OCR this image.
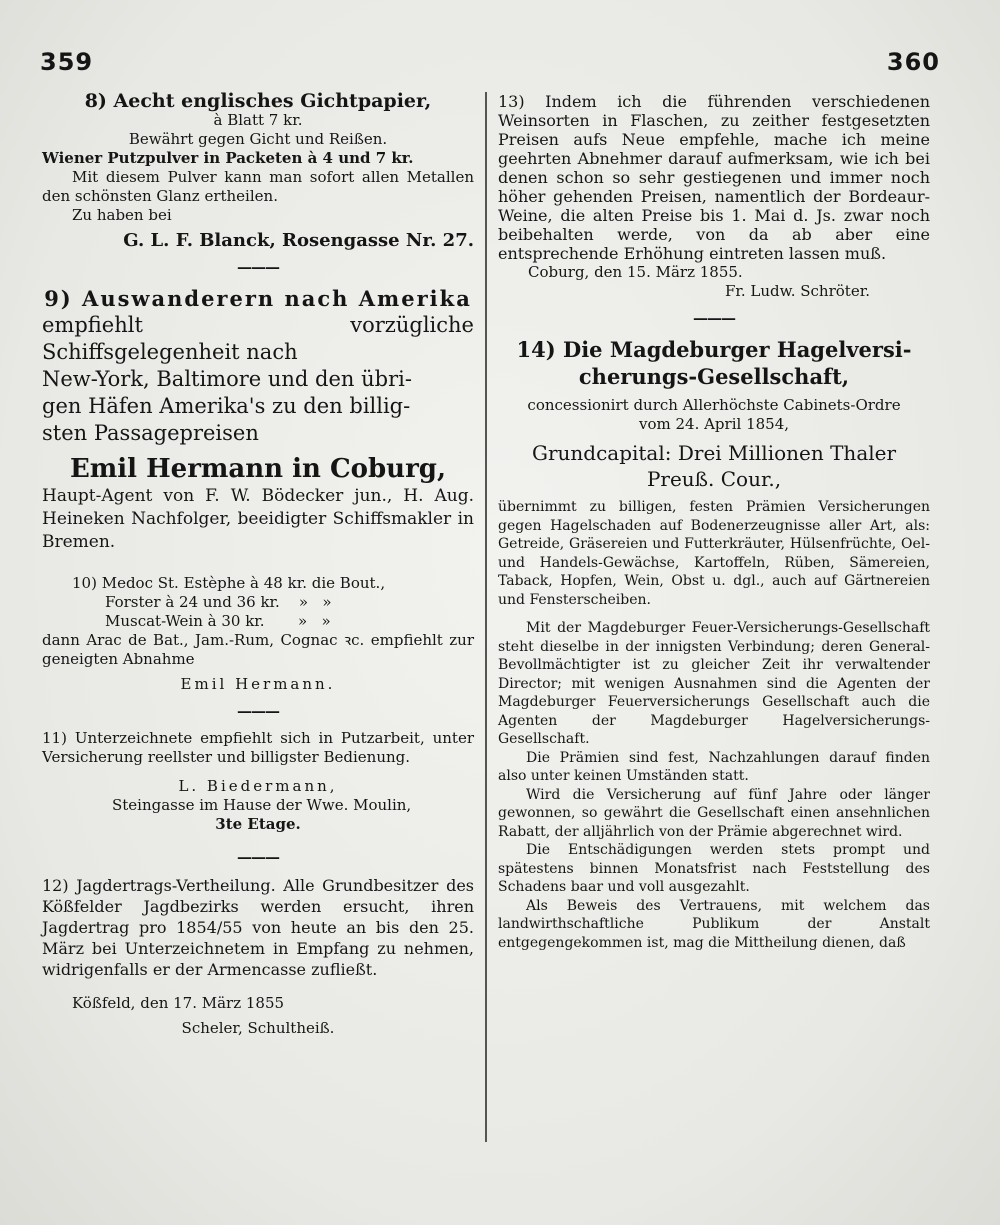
359	360

8) Aecht englisches Gichtpapier,

à Blatt 7 kr.

Bewährt gegen Gicht und Reißen.

Wiener Putzpulver in Packeten à 4 und 7 kr.

Mit diesem Pulver kann man sofort allen Metallen den schönsten Glanz ertheilen.

Zu haben bei

G. L. F. Blanck, Rosengasse Nr. 27.

———

9) Auswanderern nach Amerika

empfiehlt vorzügliche Schiffsgelegenheit nach

New-York, Baltimore und den übri-

gen Häfen Amerika's zu den billig-

sten Passagepreisen

Emil Hermann in Coburg,

Haupt-Agent von F. W. Bödecker jun., H. Aug. Heineken Nachfolger, beeidigter Schiffsmakler in Bremen.

10) Medoc St. Estèphe à 48 kr. die Bout.,

Forster à 24 und 36 kr.    »   »

Muscat-Wein à 30 kr.       »   »

dann Arac de Bat., Jam.-Rum, Cognac ꝛc. empfiehlt zur geneigten Abnahme

Emil Hermann.

———

11) Unterzeichnete empfiehlt sich in Putzarbeit, unter Versicherung reellster und billigster Bedienung.

L. Biedermann,

Steingasse im Hause der Wwe. Moulin,

3te Etage.

———

12) Jagdertrags-Vertheilung. Alle Grundbesitzer des Kößfelder Jagdbezirks werden ersucht, ihren Jagdertrag pro 1854/55 von heute an bis den 25. März bei Unterzeichnetem in Empfang zu nehmen, widrigenfalls er der Armencasse zufließt.

Kößfeld, den 17. März 1855

Scheler, Schultheiß.

13) Indem ich die führenden verschiedenen Weinsorten in Flaschen, zu zeither festgesetzten Preisen aufs Neue empfehle, mache ich meine geehrten Abnehmer darauf aufmerksam, wie ich bei denen schon so sehr gestiegenen und immer noch höher gehenden Preisen, namentlich der Bordeaur-Weine, die alten Preise bis 1. Mai d. Js. zwar noch beibehalten werde, von da ab aber eine entsprechende Erhöhung eintreten lassen muß.

Coburg, den 15. März 1855.

Fr. Ludw. Schröter.

———

14) Die Magdeburger Hagelversi-

cherungs-Gesellschaft,

concessionirt durch Allerhöchste Cabinets-Ordre

vom 24. April 1854,

Grundcapital: Drei Millionen Thaler

Preuß. Cour.,

übernimmt zu billigen, festen Prämien Versicherungen gegen Hagelschaden auf Bodenerzeugnisse aller Art, als: Getreide, Gräsereien und Futterkräuter, Hülsenfrüchte, Oel- und Handels-Gewächse, Kartoffeln, Rüben, Sämereien, Taback, Hopfen, Wein, Obst u. dgl., auch auf Gärtnereien und Fensterscheiben.

Mit der Magdeburger Feuer-Versicherungs-Gesellschaft steht dieselbe in der innigsten Verbindung; deren General-Bevollmächtigter ist zu gleicher Zeit ihr verwaltender Director; mit wenigen Ausnahmen sind die Agenten der Magdeburger Feuerversicherungs Gesellschaft auch die Agenten der Magdeburger Hagelversicherungs-Gesellschaft.

Die Prämien sind fest, Nachzahlungen darauf finden also unter keinen Umständen statt.

Wird die Versicherung auf fünf Jahre oder länger gewonnen, so gewährt die Gesellschaft einen ansehnlichen Rabatt, der alljährlich von der Prämie abgerechnet wird.

Die Entschädigungen werden stets prompt und spätestens binnen Monatsfrist nach Feststellung des Schadens baar und voll ausgezahlt.

Als Beweis des Vertrauens, mit welchem das landwirthschaftliche Publikum der Anstalt entgegengekommen ist, mag die Mittheilung dienen, daß
